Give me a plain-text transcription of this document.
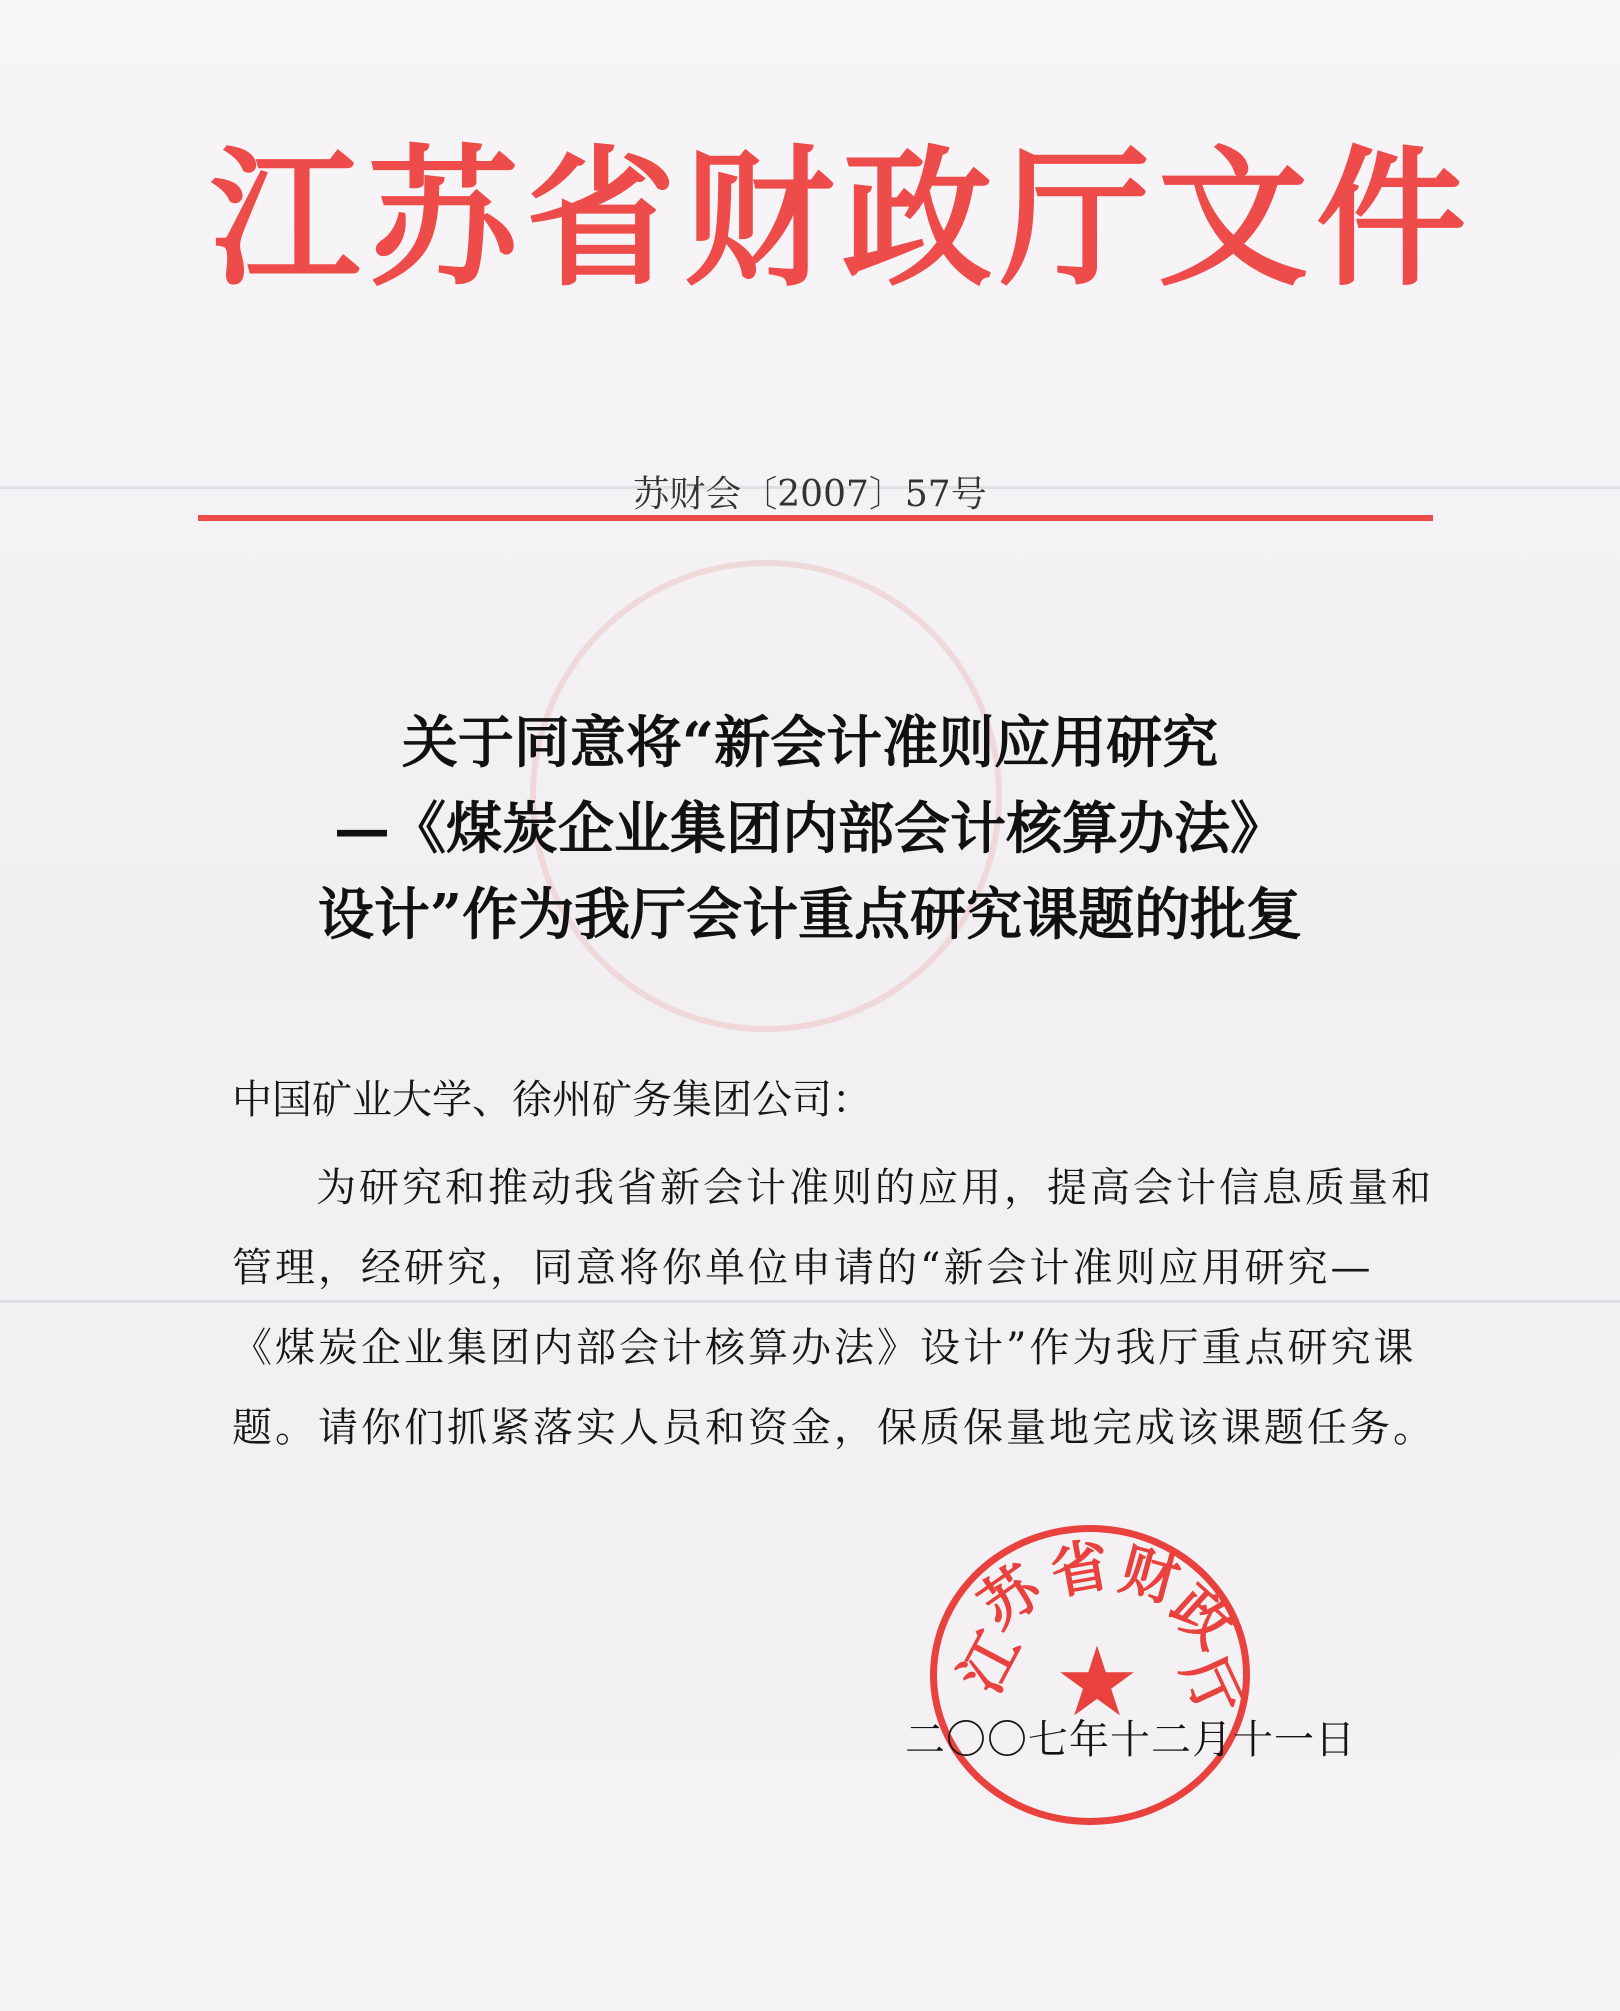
江苏省财政厅文件
苏财会〔2007〕57号
关于同意将“新会计准则应用研究
—《煤炭企业集团内部会计核算办法》
设计”作为我厅会计重点研究课题的批复
中国矿业大学、徐州矿务集团公司：
为研究和推动我省新会计准则的应用，提高会计信息质量和管理，经研究，同意将你单位申请的“新会计准则应用研究—《煤炭企业集团内部会计核算办法》设计”作为我厅重点研究课题。请你们抓紧落实人员和资金，保质保量地完成该课题任务。
江
苏
省
财
政
厅
★
二〇〇七年十二月十一日
